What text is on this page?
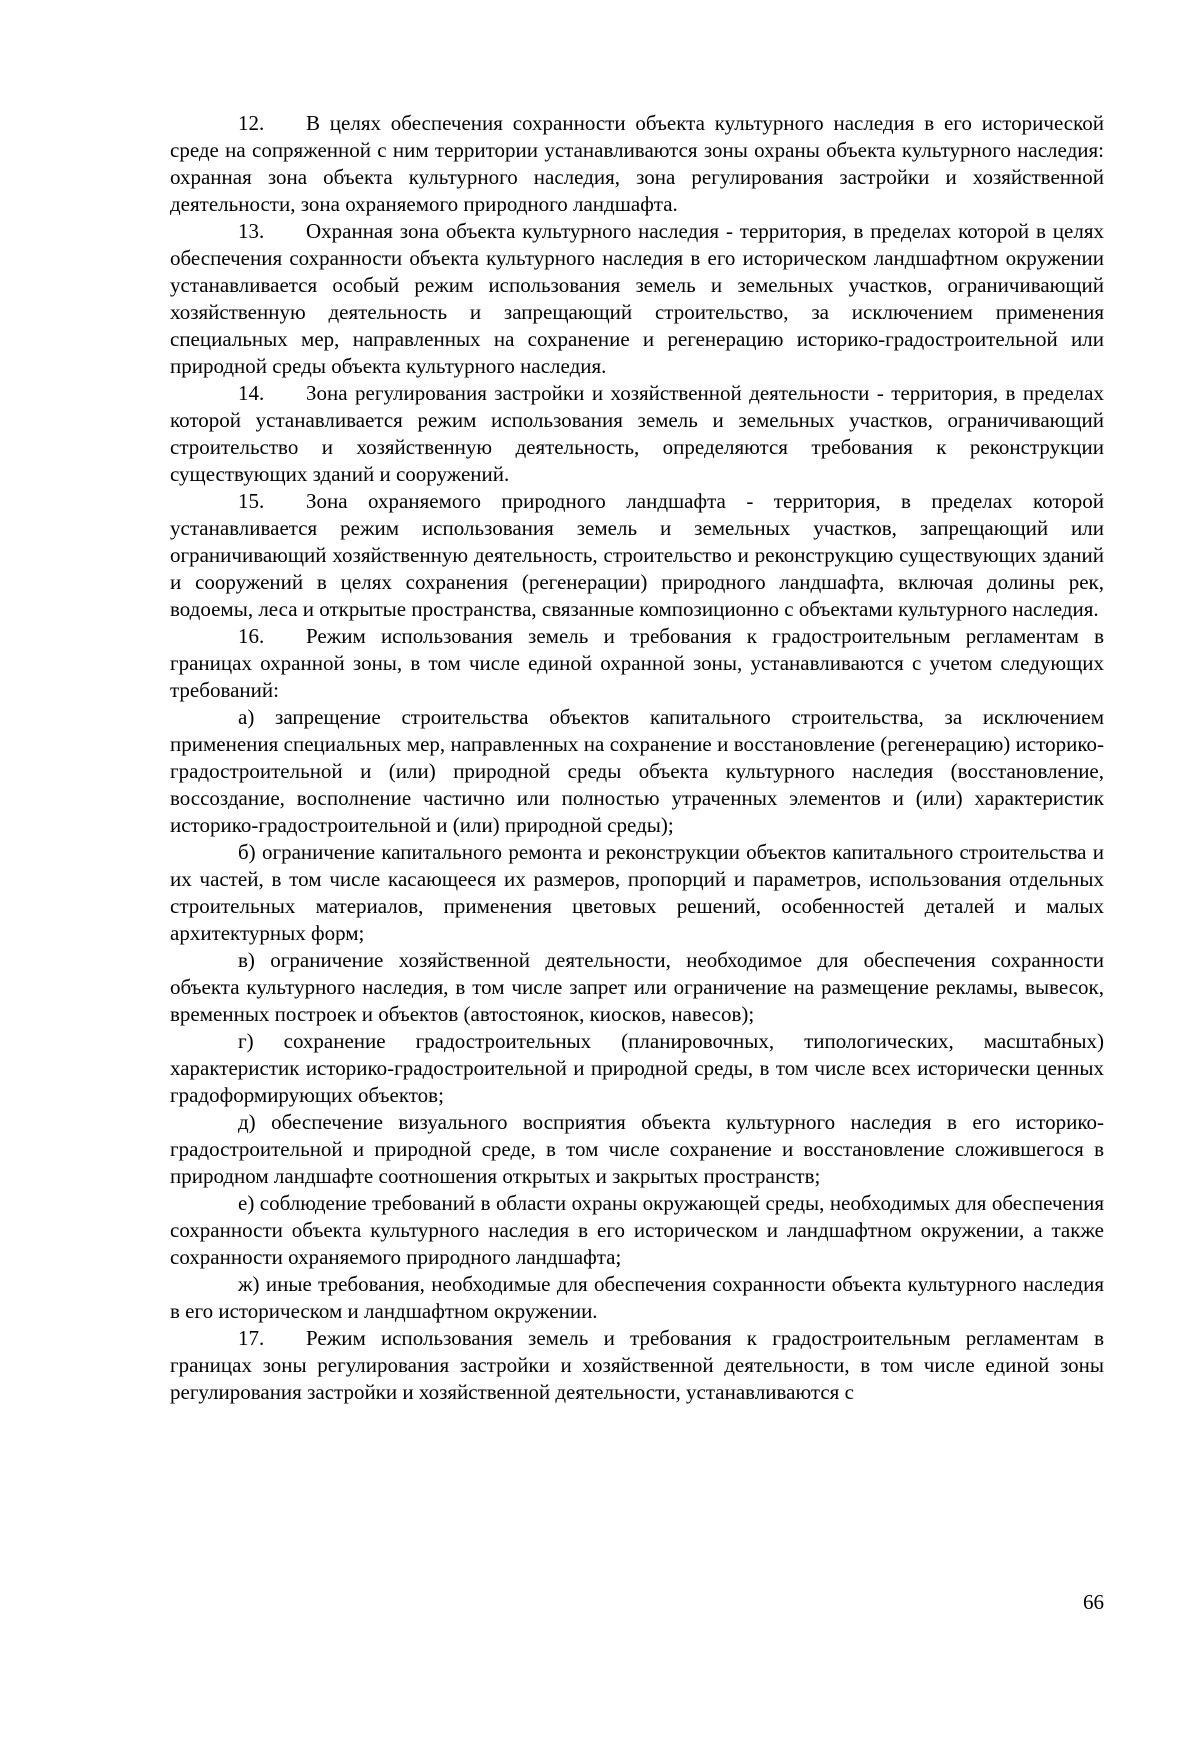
12. В целях обеспечения сохранности объекта культурного наследия в его исторической среде на сопряженной с ним территории устанавливаются зоны охраны объекта культурного наследия: охранная зона объекта культурного наследия, зона регулирования застройки и хозяйственной деятельности, зона охраняемого природного ландшафта.

13. Охранная зона объекта культурного наследия - территория, в пределах которой в целях обеспечения сохранности объекта культурного наследия в его историческом ландшафтном окружении устанавливается особый режим использования земель и земельных участков, ограничивающий хозяйственную деятельность и запрещающий строительство, за исключением применения специальных мер, направленных на сохранение и регенерацию историко-градостроительной или природной среды объекта культурного наследия.

14. Зона регулирования застройки и хозяйственной деятельности - территория, в пределах которой устанавливается режим использования земель и земельных участков, ограничивающий строительство и хозяйственную деятельность, определяются требования к реконструкции существующих зданий и сооружений.

15. Зона охраняемого природного ландшафта - территория, в пределах которой устанавливается режим использования земель и земельных участков, запрещающий или ограничивающий хозяйственную деятельность, строительство и реконструкцию существующих зданий и сооружений в целях сохранения (регенерации) природного ландшафта, включая долины рек, водоемы, леса и открытые пространства, связанные композиционно с объектами культурного наследия.

16. Режим использования земель и требования к градостроительным регламентам в границах охранной зоны, в том числе единой охранной зоны, устанавливаются с учетом следующих требований:

а) запрещение строительства объектов капитального строительства, за исключением применения специальных мер, направленных на сохранение и восстановление (регенерацию) историко-градостроительной и (или) природной среды объекта культурного наследия (восстановление, воссоздание, восполнение частично или полностью утраченных элементов и (или) характеристик историко-градостроительной и (или) природной среды);

б) ограничение капитального ремонта и реконструкции объектов капитального строительства и их частей, в том числе касающееся их размеров, пропорций и параметров, использования отдельных строительных материалов, применения цветовых решений, особенностей деталей и малых архитектурных форм;

в) ограничение хозяйственной деятельности, необходимое для обеспечения сохранности объекта культурного наследия, в том числе запрет или ограничение на размещение рекламы, вывесок, временных построек и объектов (автостоянок, киосков, навесов);

г) сохранение градостроительных (планировочных, типологических, масштабных) характеристик историко-градостроительной и природной среды, в том числе всех исторически ценных градоформирующих объектов;

д) обеспечение визуального восприятия объекта культурного наследия в его историко-градостроительной и природной среде, в том числе сохранение и восстановление сложившегося в природном ландшафте соотношения открытых и закрытых пространств;

е) соблюдение требований в области охраны окружающей среды, необходимых для обеспечения сохранности объекта культурного наследия в его историческом и ландшафтном окружении, а также сохранности охраняемого природного ландшафта;

ж) иные требования, необходимые для обеспечения сохранности объекта культурного наследия в его историческом и ландшафтном окружении.

17. Режим использования земель и требования к градостроительным регламентам в границах зоны регулирования застройки и хозяйственной деятельности, в том числе единой зоны регулирования застройки и хозяйственной деятельности, устанавливаются с

66
